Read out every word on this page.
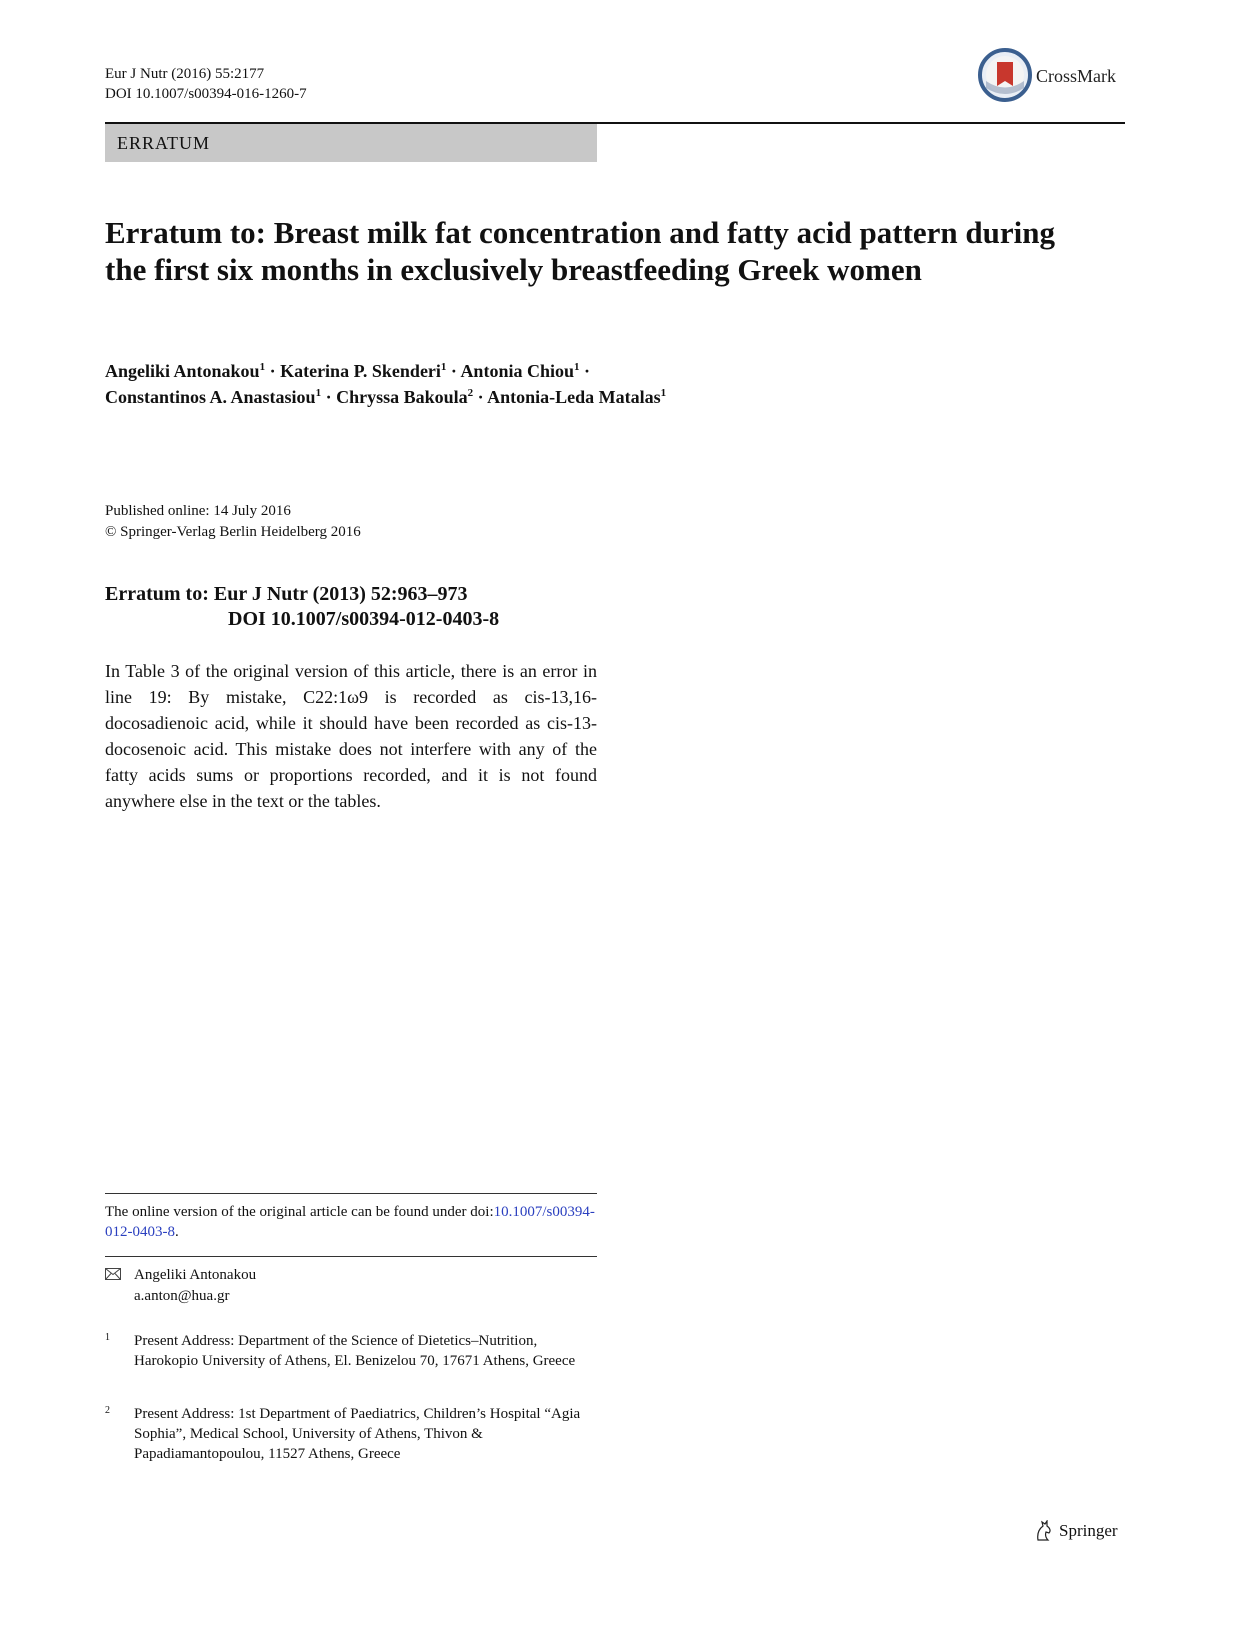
Eur J Nutr (2016) 55:2177
DOI 10.1007/s00394-016-1260-7
CrossMark
ERRATUM
Erratum to: Breast milk fat concentration and fatty acid pattern during the first six months in exclusively breastfeeding Greek women
Angeliki Antonakou$^1$ · Katerina P. Skenderi$^1$ · Antonia Chiou$^1$ ·
Constantinos A. Anastasiou$^1$ · Chryssa Bakoula$^2$ · Antonia-Leda Matalas$^1$
Published online: 14 July 2016
© Springer-Verlag Berlin Heidelberg 2016
Erratum to: Eur J Nutr (2013) 52:963–973
DOI 10.1007/s00394-012-0403-8

In Table 3 of the original version of this article, there is an error in line 19: By mistake, C22:1ω9 is recorded as cis-13,16-docosadienoic acid, while it should have been recorded as cis-13-docosenoic acid. This mistake does not interfere with any of the fatty acids sums or proportions recorded, and it is not found anywhere else in the text or the tables.

The online version of the original article can be found under doi:10.1007/s00394-012-0403-8.
Angeliki Antonakou
a.anton@hua.gr
1 Present Address: Department of the Science of Dietetics–Nutrition, Harokopio University of Athens, El. Benizelou 70, 17671 Athens, Greece
2 Present Address: 1st Department of Paediatrics, Children’s Hospital “Agia Sophia”, Medical School, University of Athens, Thivon & Papadiamantopoulou, 11527 Athens, Greece
Springer
